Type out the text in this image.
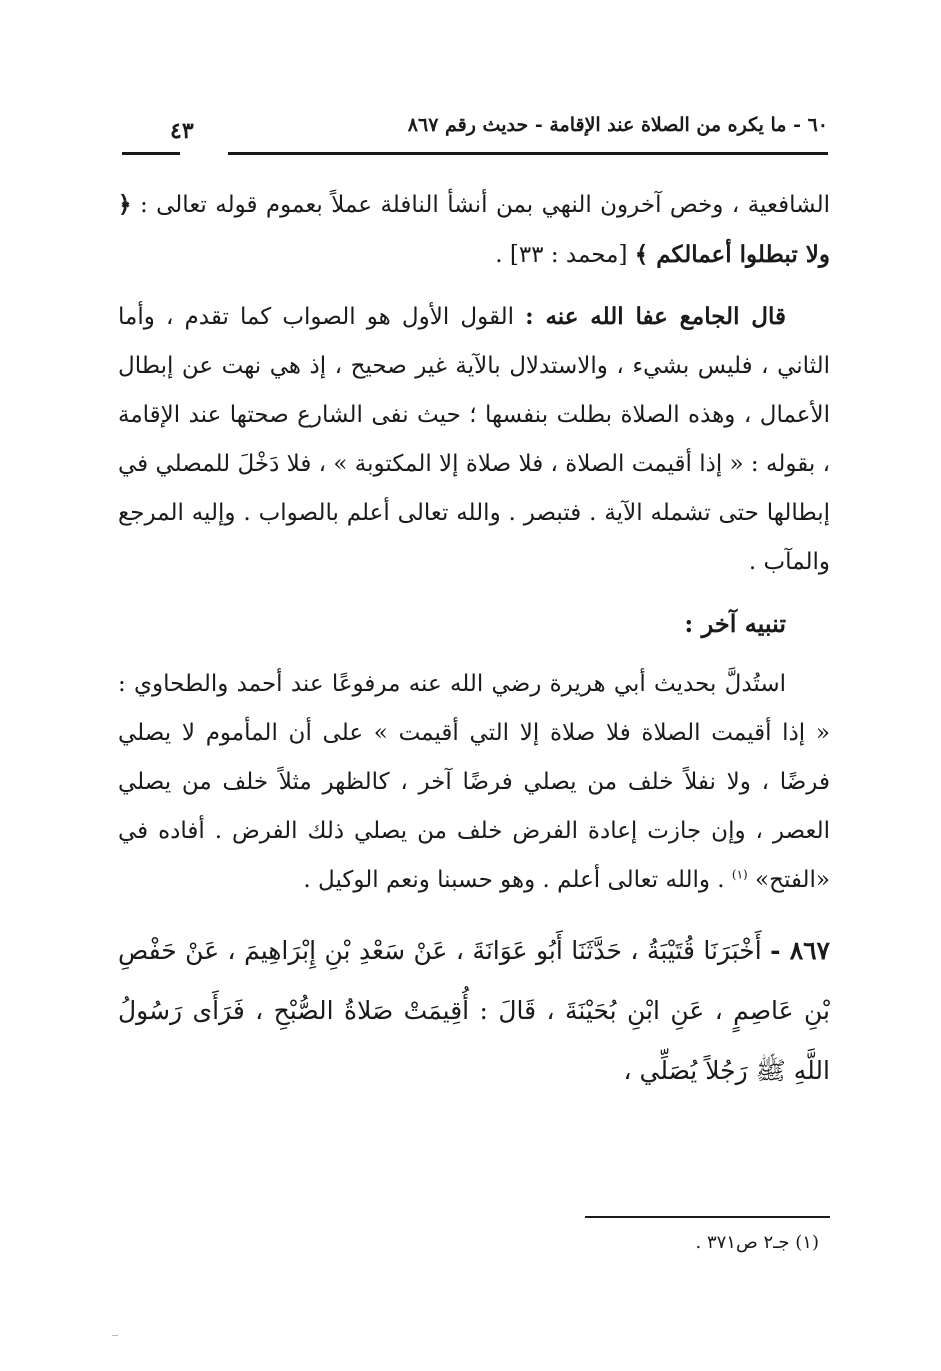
٦٠ - ما يكره من الصلاة عند الإقامة - حديث رقم ٨٦٧
٤٣

الشافعية ، وخص آخرون النهي بمن أنشأ النافلة عملاً بعموم قوله تعالى : ﴿ ولا تبطلوا أعمالكم ﴾ [محمد : ٣٣] .

قال الجامع عفا الله عنه : القول الأول هو الصواب كما تقدم ، وأما الثاني ، فليس بشيء ، والاستدلال بالآية غير صحيح ، إذ هي نهت عن إبطال الأعمال ، وهذه الصلاة بطلت بنفسها ؛ حيث نفى الشارع صحتها عند الإقامة ، بقوله : « إذا أقيمت الصلاة ، فلا صلاة إلا المكتوبة » ، فلا دَخْلَ للمصلي في إبطالها حتى تشمله الآية . فتبصر . والله تعالى أعلم بالصواب . وإليه المرجع والمآب .

تنبيه آخر :

استُدلَّ بحديث أبي هريرة رضي الله عنه مرفوعًا عند أحمد والطحاوي : « إذا أقيمت الصلاة فلا صلاة إلا التي أقيمت » على أن المأموم لا يصلي فرضًا ، ولا نفلاً خلف من يصلي فرضًا آخر ، كالظهر مثلاً خلف من يصلي العصر ، وإن جازت إعادة الفرض خلف من يصلي ذلك الفرض . أفاده في «الفتح» $^{(١)}$ . والله تعالى أعلم . وهو حسبنا ونعم الوكيل .

٨٦٧ - أَخْبَرَنَا قُتَيْبَةُ ، حَدَّثَنَا أَبُو عَوَانَةَ ، عَنْ سَعْدِ بْنِ إِبْرَاهِيمَ ، عَنْ حَفْصِ بْنِ عَاصِمٍ ، عَنِ ابْنِ بُحَيْنَةَ ، قَالَ : أُقِيمَتْ صَلاةُ الصُّبْحِ ، فَرَأَى رَسُولُ اللَّهِ ﷺ رَجُلاً يُصَلِّي ،

(١) جـ٢ ص٣٧١ .
